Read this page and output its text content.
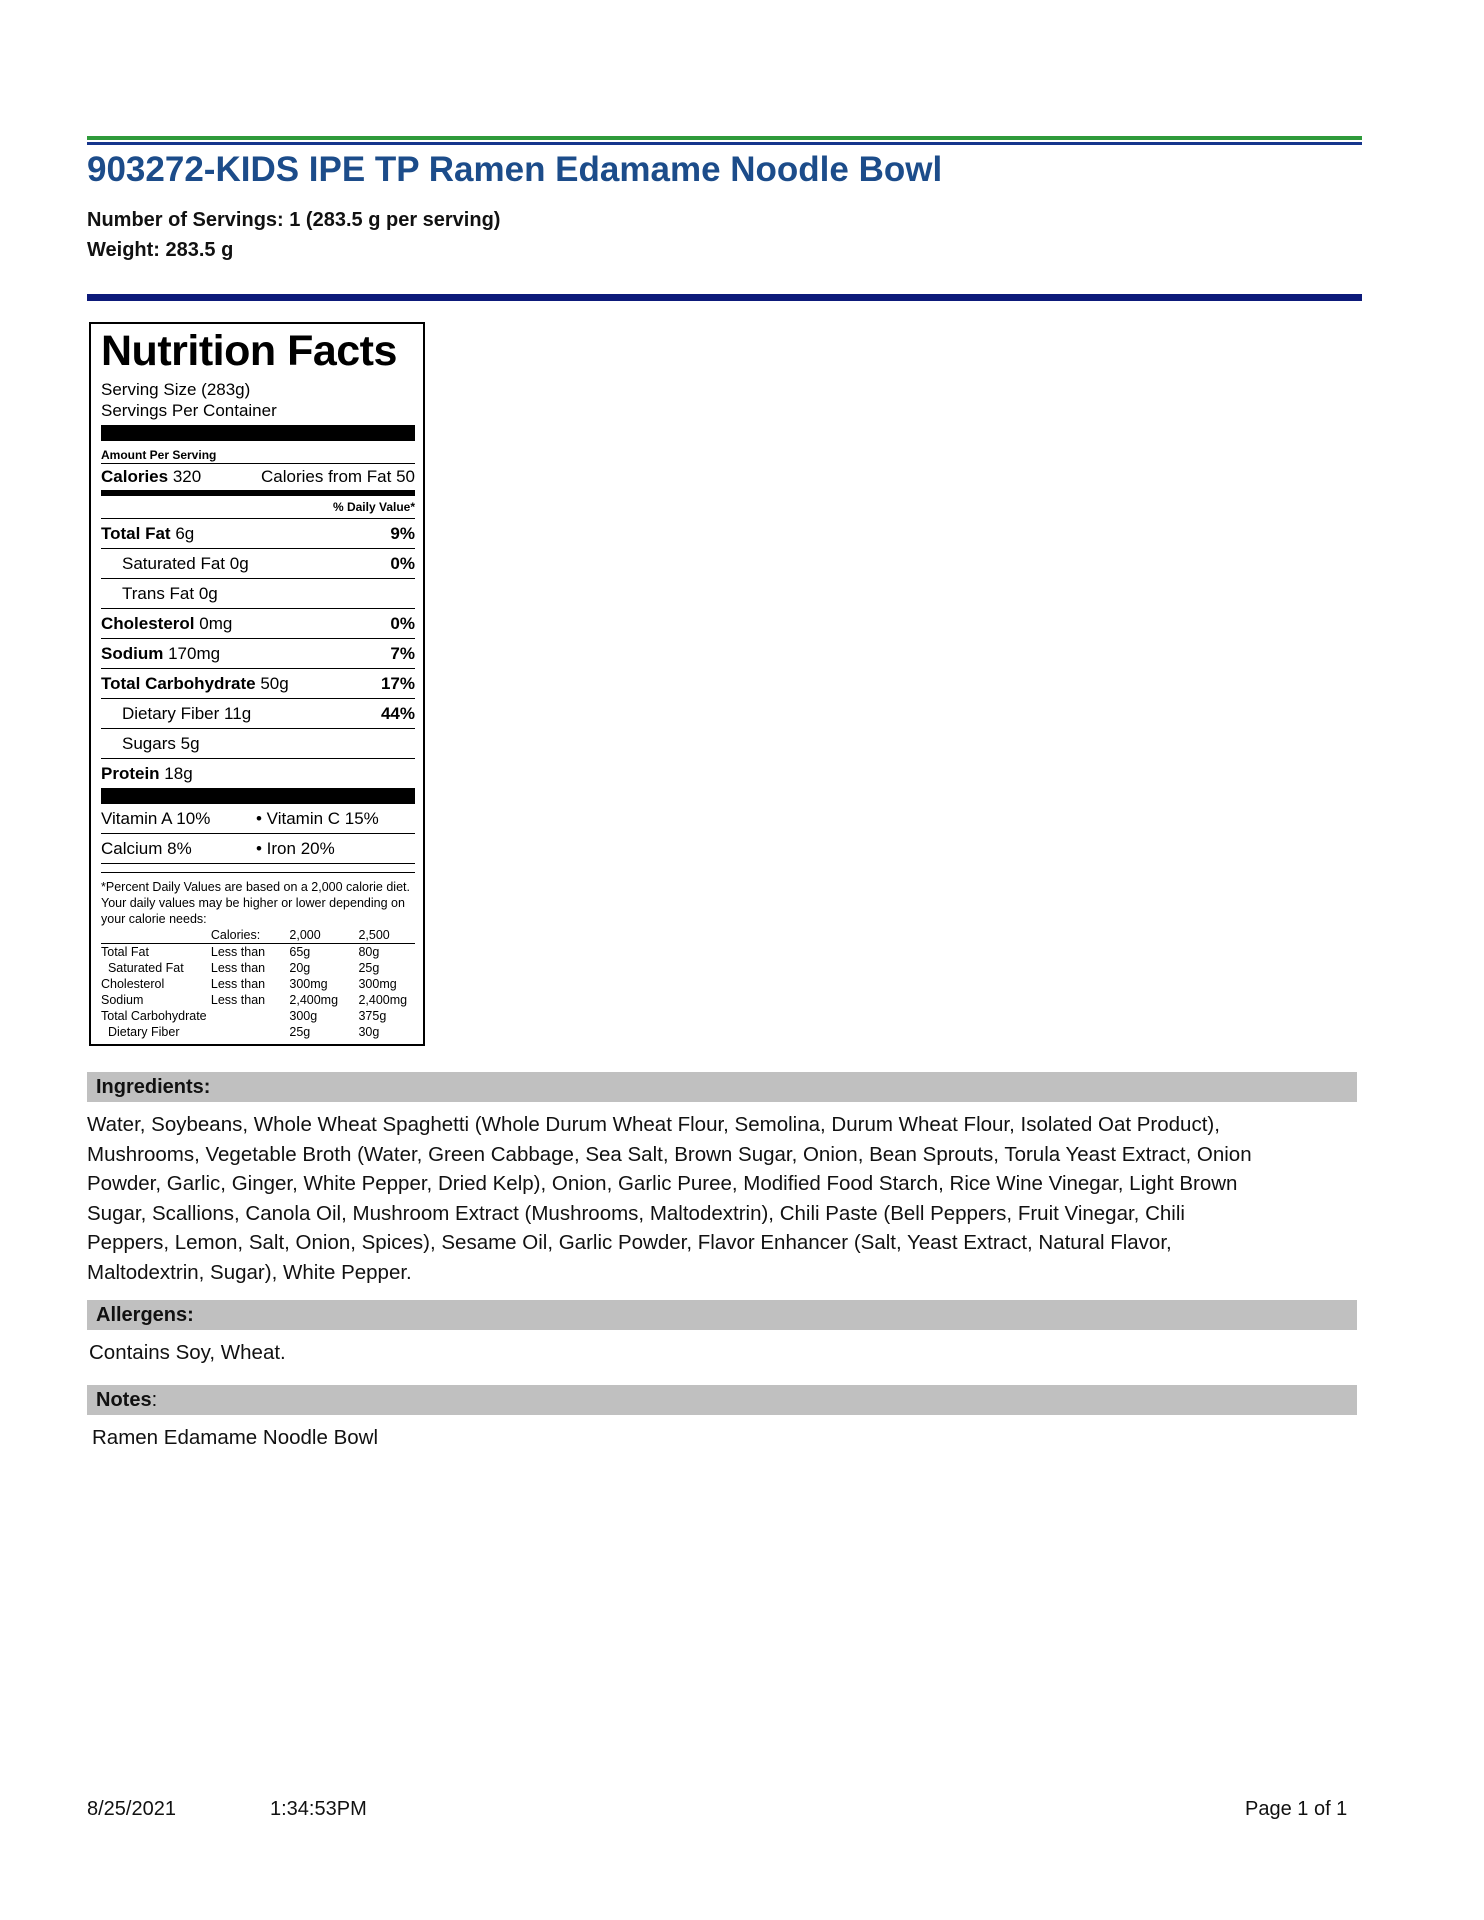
903272-KIDS IPE TP Ramen Edamame Noodle Bowl
Number of Servings: 1 (283.5 g per serving)
Weight: 283.5 g
Nutrition Facts
Serving Size (283g)
Servings Per Container
Amount Per Serving
Calories 320	Calories from Fat 50
% Daily Value*
Total Fat 6g	9%
Saturated Fat 0g	0%
Trans Fat 0g
Cholesterol 0mg	0%
Sodium 170mg	7%
Total Carbohydrate 50g	17%
Dietary Fiber 11g	44%
Sugars 5g
Protein 18g
Vitamin A 10%	• Vitamin C 15%
Calcium 8%	• Iron 20%
*Percent Daily Values are based on a 2,000 calorie diet. Your daily values may be higher or lower depending on your calorie needs:
	Calories:	2,000	2,500
Total Fat	Less than	65g	80g
Saturated Fat	Less than	20g	25g
Cholesterol	Less than	300mg	300mg
Sodium	Less than	2,400mg	2,400mg
Total Carbohydrate		300g	375g
Dietary Fiber		25g	30g
Ingredients:
Water, Soybeans, Whole Wheat Spaghetti (Whole Durum Wheat Flour, Semolina, Durum Wheat Flour, Isolated Oat Product),
Mushrooms, Vegetable Broth (Water, Green Cabbage, Sea Salt, Brown Sugar, Onion, Bean Sprouts, Torula Yeast Extract, Onion
Powder, Garlic, Ginger, White Pepper, Dried Kelp), Onion, Garlic Puree, Modified Food Starch, Rice Wine Vinegar, Light Brown
Sugar, Scallions, Canola Oil, Mushroom Extract (Mushrooms, Maltodextrin), Chili Paste (Bell Peppers, Fruit Vinegar, Chili
Peppers, Lemon, Salt, Onion, Spices), Sesame Oil, Garlic Powder, Flavor Enhancer (Salt, Yeast Extract, Natural Flavor,
Maltodextrin, Sugar), White Pepper.
Allergens:
Contains Soy, Wheat.
Notes:
Ramen Edamame Noodle Bowl
8/25/2021	1:34:53PM	Page 1 of 1
